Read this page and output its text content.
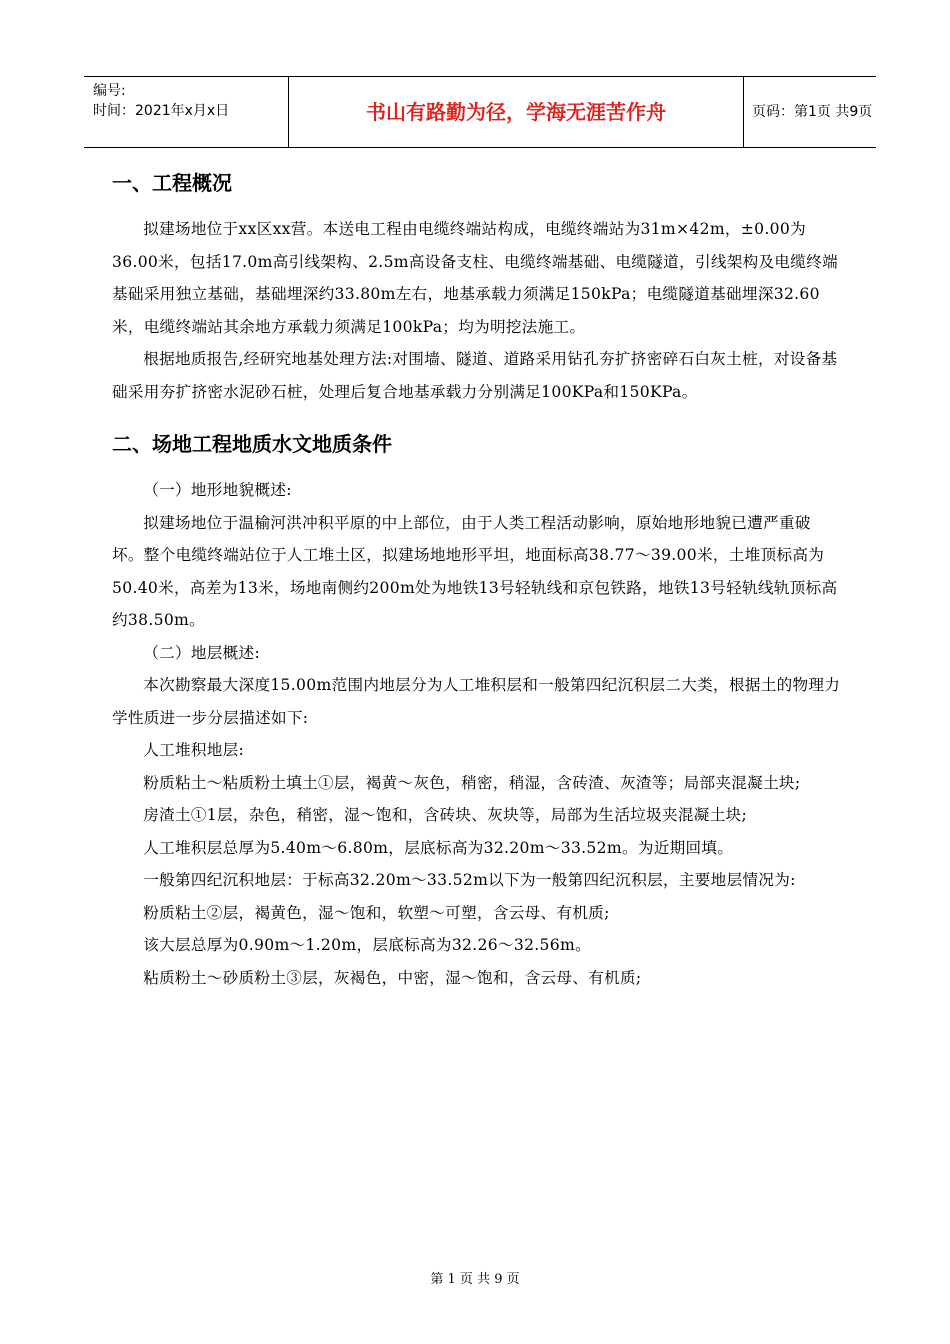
编号:
时间：2021年x月x日	书山有路勤为径，学海无涯苦作舟	页码：第1页 共9页
一、工程概况

拟建场地位于xx区xx营。本送电工程由电缆终端站构成，电缆终端站为31m×42m，±0.00为36.00米，包括17.0m高引线架构、2.5m高设备支柱、电缆终端基础、电缆隧道，引线架构及电缆终端基础采用独立基础，基础埋深约33.80m左右，地基承载力须满足150kPa；电缆隧道基础埋深32.60米，电缆终端站其余地方承载力须满足100kPa；均为明挖法施工。

根据地质报告,经研究地基处理方法:对围墙、隧道、道路采用钻孔夯扩挤密碎石白灰土桩，对设备基础采用夯扩挤密水泥砂石桩，处理后复合地基承载力分别满足100KPa和150KPa。

二、场地工程地质水文地质条件

（一）地形地貌概述:

拟建场地位于温榆河洪冲积平原的中上部位，由于人类工程活动影响，原始地形地貌已遭严重破坏。整个电缆终端站位于人工堆土区，拟建场地地形平坦，地面标高38.77～39.00米，土堆顶标高为50.40米，高差为13米，场地南侧约200m处为地铁13号轻轨线和京包铁路，地铁13号轻轨线轨顶标高约38.50m。

（二）地层概述:

本次勘察最大深度15.00m范围内地层分为人工堆积层和一般第四纪沉积层二大类，根据土的物理力学性质进一步分层描述如下:

人工堆积地层:

粉质粘土～粘质粉土填土①层，褐黄～灰色，稍密，稍湿，含砖渣、灰渣等；局部夹混凝土块;

房渣土①1层，杂色，稍密，湿～饱和，含砖块、灰块等，局部为生活垃圾夹混凝土块;

人工堆积层总厚为5.40m～6.80m，层底标高为32.20m～33.52m。为近期回填。

一般第四纪沉积地层：于标高32.20m～33.52m以下为一般第四纪沉积层，主要地层情况为:

粉质粘土②层，褐黄色，湿～饱和，软塑～可塑，含云母、有机质;

该大层总厚为0.90m～1.20m，层底标高为32.26～32.56m。

粘质粉土～砂质粉土③层，灰褐色，中密，湿～饱和，含云母、有机质;

第 1 页 共 9 页
